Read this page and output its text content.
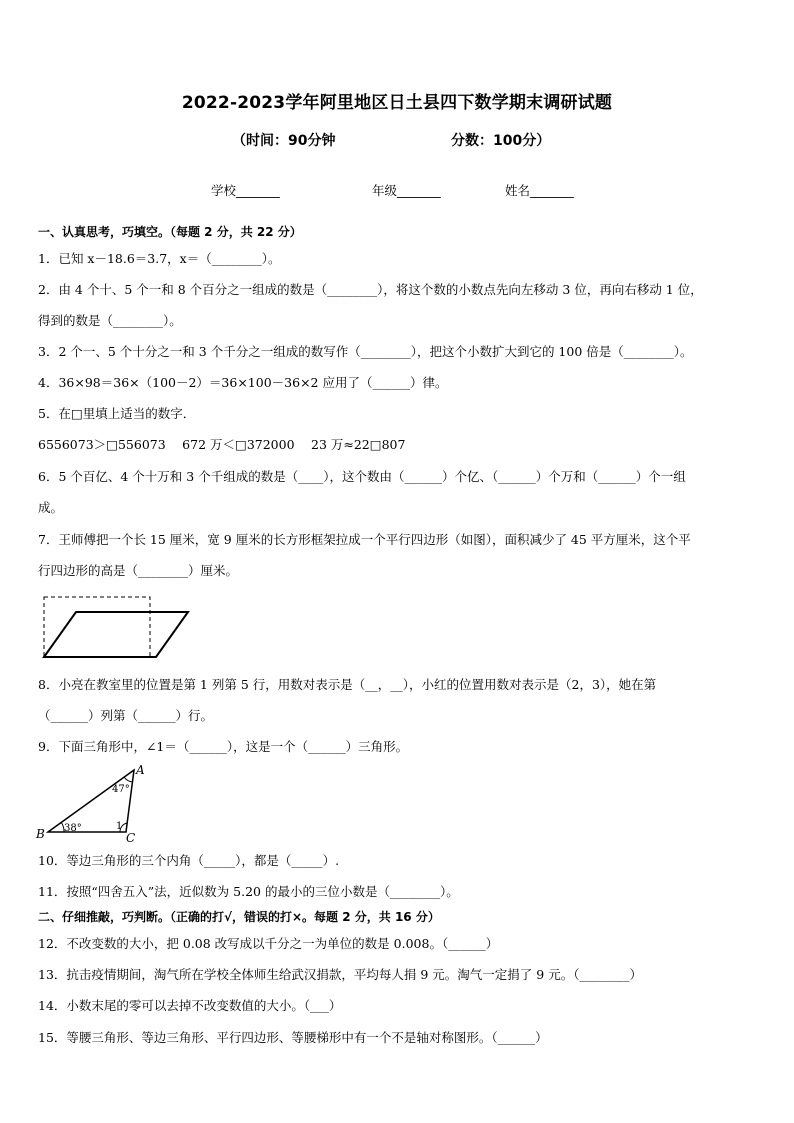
2022-2023学年阿里地区日土县四下数学期末调研试题
（时间：90分钟	分数：100分）
学校_______	年级_______	姓名_______
一、认真思考，巧填空。（每题 2 分，共 22 分）
1．已知 x－18.6＝3.7，x＝（________）。
2．由 4 个十、5 个一和 8 个百分之一组成的数是（________），将这个数的小数点先向左移动 3 位，再向右移动 1 位，
得到的数是（________）。
3．2 个一、5 个十分之一和 3 个千分之一组成的数写作（________），把这个小数扩大到它的 100 倍是（________）。
4．36×98＝36×（100－2）＝36×100－36×2 应用了（______）律。
5．在□里填上适当的数字．
6556073＞□556073　 672 万＜□372000　 23 万≈22□807
6．5 个百亿、4 个十万和 3 个千组成的数是（____），这个数由（______）个亿、（______）个万和（______）个一组
成。
7．王师傅把一个长 15 厘米，宽 9 厘米的长方形框架拉成一个平行四边形（如图），面积减少了 45 平方厘米，这个平
行四边形的高是（________）厘米。
8．小亮在教室里的位置是第 1 列第 5 行，用数对表示是（__，__），小红的位置用数对表示是（2，3），她在第
（______）列第（______）行。
9．下面三角形中，∠1＝（______），这是一个（______）三角形。
A
B	C
47°
38°	1
10．等边三角形的三个内角（_____），都是（_____）.
11．按照“四舍五入”法，近似数为 5.20 的最小的三位小数是（________）。
二、仔细推敲，巧判断。（正确的打√，错误的打×。每题 2 分，共 16 分）
12．不改变数的大小，把 0.08 改写成以千分之一为单位的数是 0.008。（______）
13．抗击疫情期间，淘气所在学校全体师生给武汉捐款，平均每人捐 9 元。淘气一定捐了 9 元。（________）
14．小数末尾的零可以去掉不改变数值的大小。（___）
15．等腰三角形、等边三角形、平行四边形、等腰梯形中有一个不是轴对称图形。（______）
